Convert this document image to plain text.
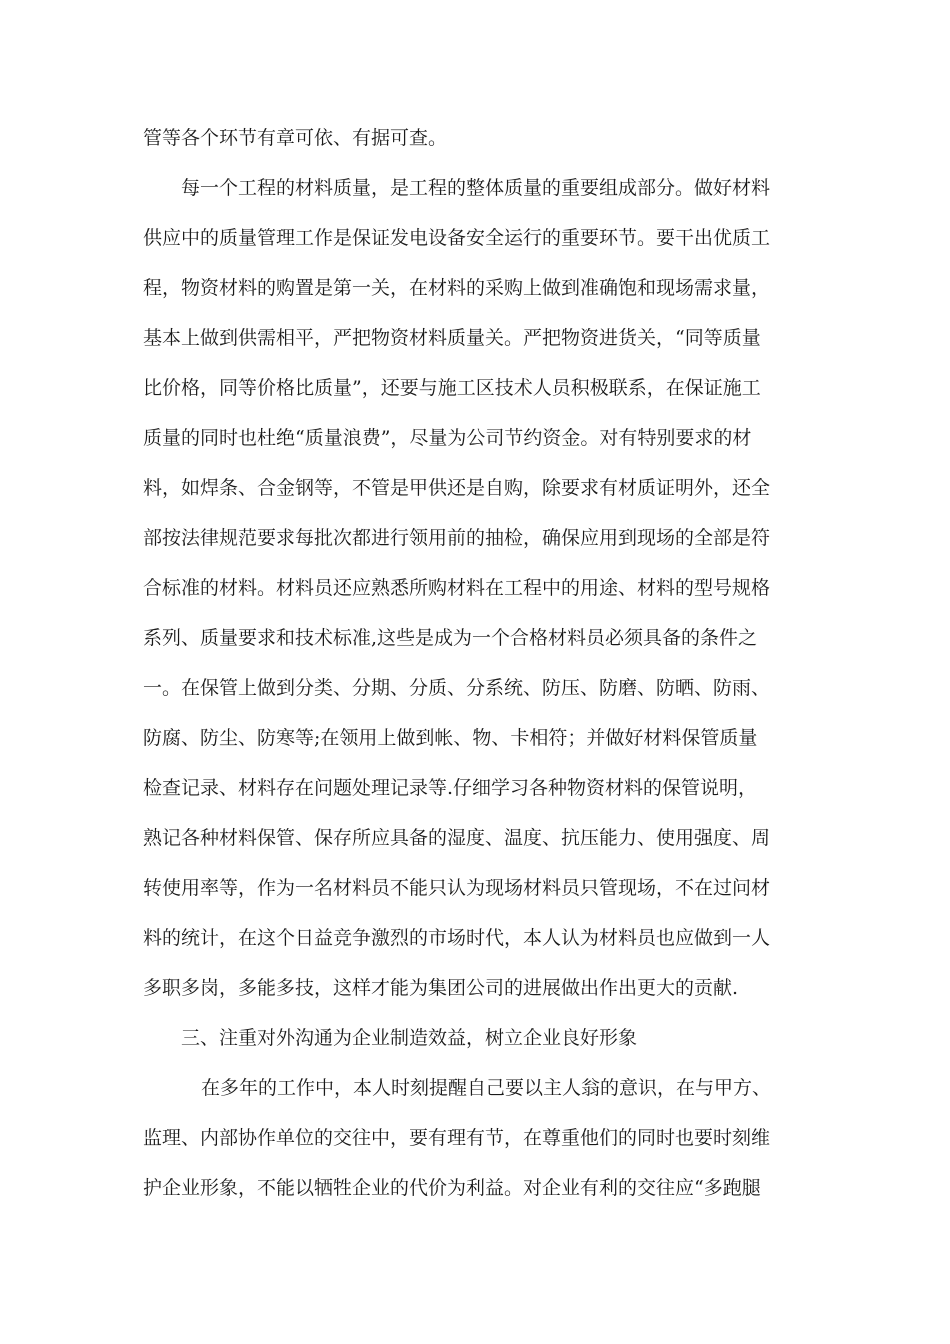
管等各个环节有章可依、有据可查。

每一个工程的材料质量，是工程的整体质量的重要组成部分。做好材料

供应中的质量管理工作是保证发电设备安全运行的重要环节。要干出优质工

程，物资材料的购置是第一关，在材料的采购上做到准确饱和现场需求量，

基本上做到供需相平，严把物资材料质量关。严把物资进货关，“同等质量

比价格，同等价格比质量”，还要与施工区技术人员积极联系，在保证施工

质量的同时也杜绝“质量浪费”，尽量为公司节约资金。对有特别要求的材

料，如焊条、合金钢等，不管是甲供还是自购，除要求有材质证明外，还全

部按法律规范要求每批次都进行领用前的抽检，确保应用到现场的全部是符

合标准的材料。材料员还应熟悉所购材料在工程中的用途、材料的型号规格

系列、质量要求和技术标准,这些是成为一个合格材料员必须具备的条件之

一。在保管上做到分类、分期、分质、分系统、防压、防磨、防晒、防雨、

防腐、防尘、防寒等;在领用上做到帐、物、卡相符；并做好材料保管质量

检查记录、材料存在问题处理记录等.仔细学习各种物资材料的保管说明，

熟记各种材料保管、保存所应具备的湿度、温度、抗压能力、使用强度、周

转使用率等，作为一名材料员不能只认为现场材料员只管现场，不在过问材

料的统计，在这个日益竞争激烈的市场时代，本人认为材料员也应做到一人

多职多岗，多能多技，这样才能为集团公司的进展做出作出更大的贡献.

三、注重对外沟通为企业制造效益，树立企业良好形象

在多年的工作中，本人时刻提醒自己要以主人翁的意识，在与甲方、

监理、内部协作单位的交往中，要有理有节，在尊重他们的同时也要时刻维

护企业形象，不能以牺牲企业的代价为利益。对企业有利的交往应“多跑腿
